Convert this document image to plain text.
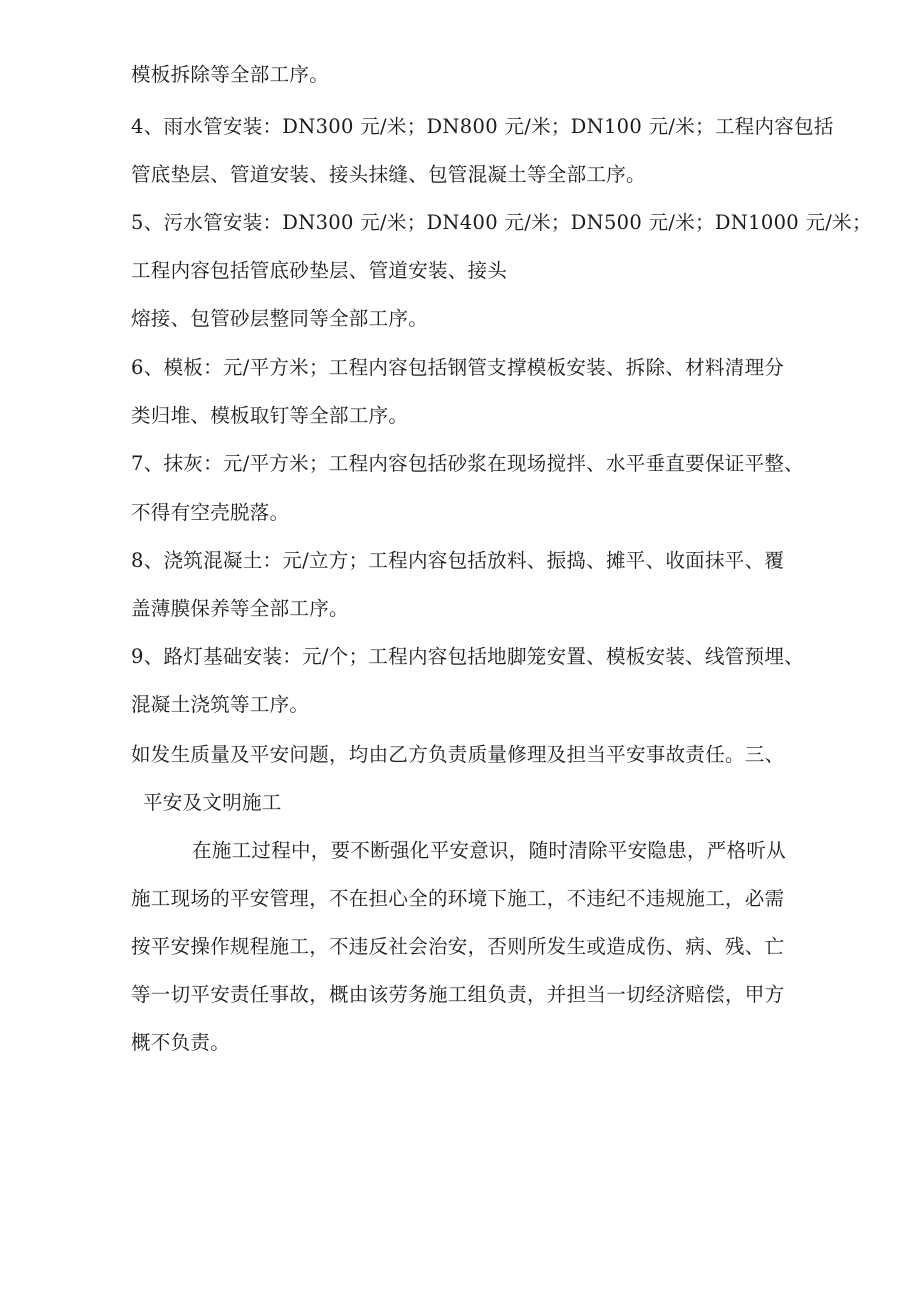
模板拆除等全部工序。
4、雨水管安装：DN300 元/米；DN800 元/米；DN100 元/米；工程内容包括
管底垫层、管道安装、接头抹缝、包管混凝土等全部工序。
5、污水管安装：DN300 元/米；DN400 元/米；DN500 元/米；DN1000 元/米；
工程内容包括管底砂垫层、管道安装、接头
熔接、包管砂层整同等全部工序。
6、模板：元/平方米；工程内容包括钢管支撑模板安装、拆除、材料清理分
类归堆、模板取钉等全部工序。
7、抹灰：元/平方米；工程内容包括砂浆在现场搅拌、水平垂直要保证平整、
不得有空壳脱落。
8、浇筑混凝土：元/立方；工程内容包括放料、振捣、摊平、收面抹平、覆
盖薄膜保养等全部工序。
9、路灯基础安装：元/个；工程内容包括地脚笼安置、模板安装、线管预埋、
混凝土浇筑等工序。
如发生质量及平安问题，均由乙方负责质量修理及担当平安事故责任。三、
平安及文明施工
在施工过程中，要不断强化平安意识，随时清除平安隐患，严格听从
施工现场的平安管理，不在担心全的环境下施工，不违纪不违规施工，必需
按平安操作规程施工，不违反社会治安，否则所发生或造成伤、病、残、亡
等一切平安责任事故，概由该劳务施工组负责，并担当一切经济赔偿，甲方
概不负责。
